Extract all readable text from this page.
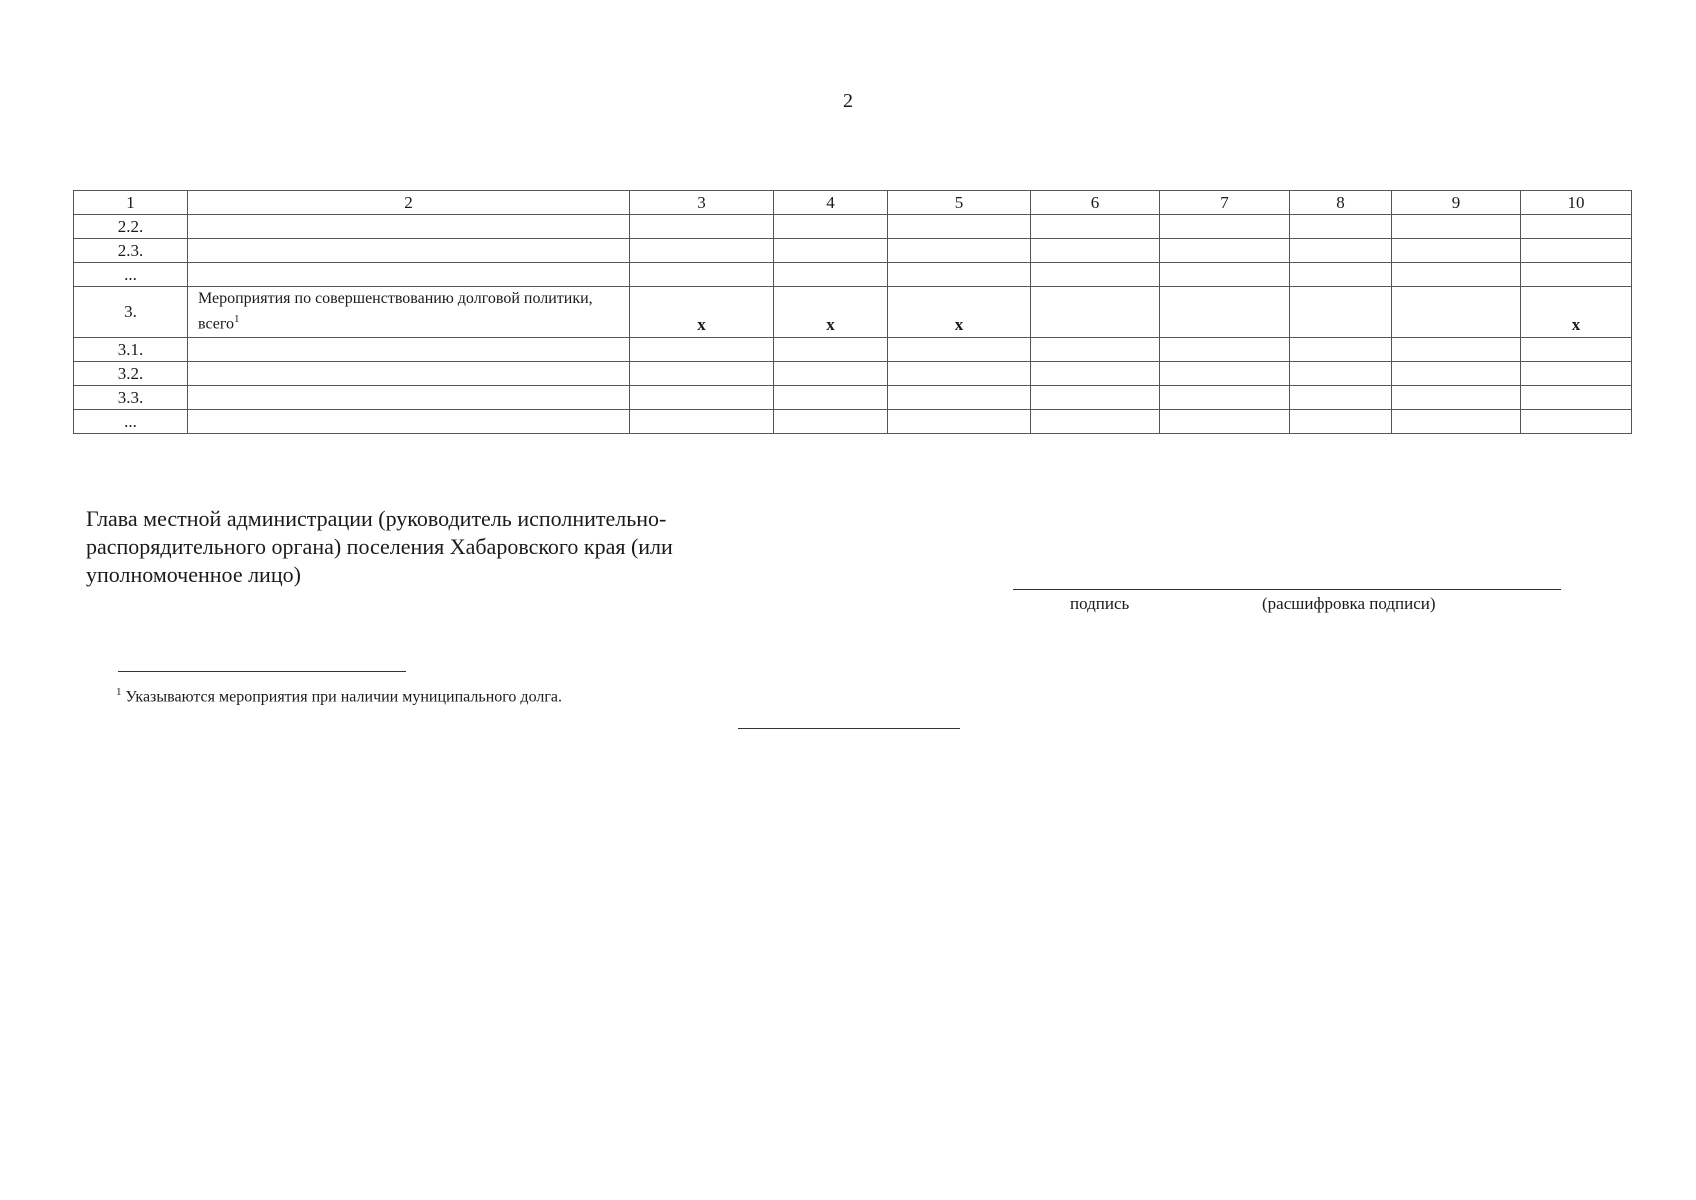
2
1	2	3	4	5	6	7	8	9	10
2.2.									
2.3.									
...									
3.	Мероприятия по совершенствованию долговой политики, всего$^1$	х	х	х					х
3.1.									
3.2.									
3.3.									
...									
Глава местной администрации (руководитель исполнительно-распорядительного органа) поселения Хабаровского края (или уполномоченное лицо)
подпись	(расшифровка подписи)
$^1$ Указываются мероприятия при наличии муниципального долга.
